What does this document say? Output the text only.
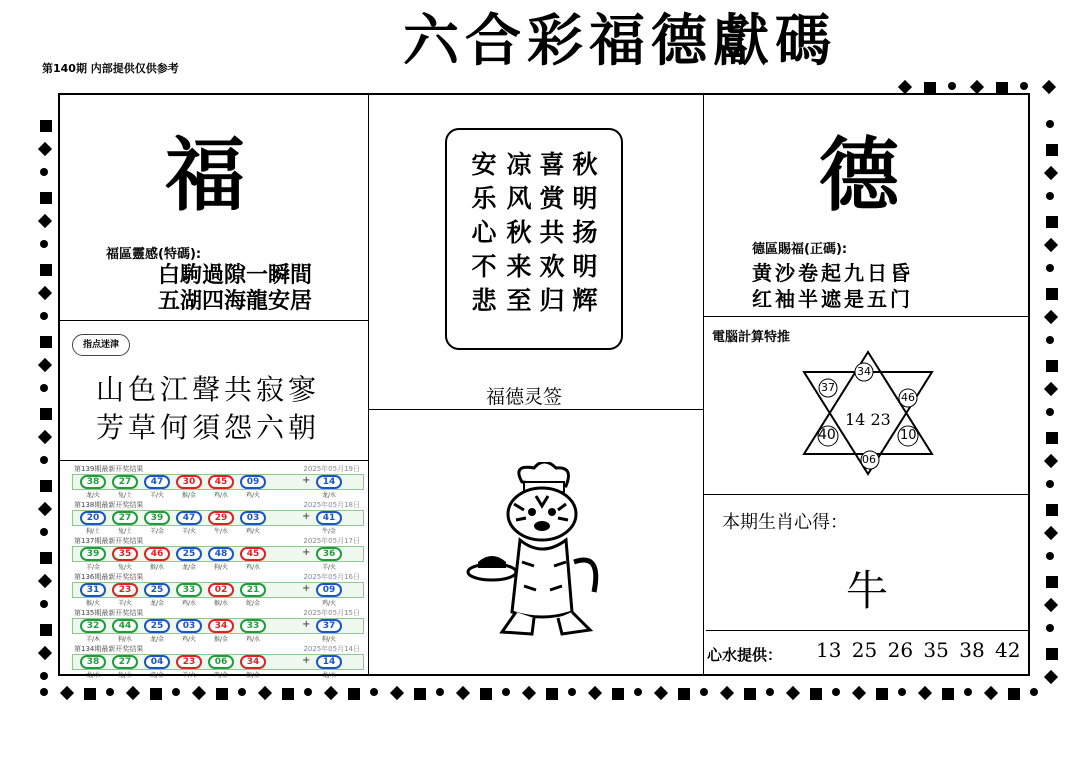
六合彩福德獻碼
第140期 内部提供仅供参考
福
福區靈感(特碼):
白駒過隙一瞬間
五湖四海龍安居
秋
明
扬
明
辉
喜
赏
共
欢
归
凉
风
秋
来
至
安
乐
心
不
悲
福德灵签
德
德區賜福(正碼):
黄沙卷起九日昏
红袖半遮是五门
指点迷津
山色江聲共寂寥
芳草何須怨六朝
電腦計算特推
34
37
46
40	10
06
14 23
本期生肖心得：
牛
心水提供： 13 25 26 35 38 42
第139期最新开奖结果	2025年05月19日
38
龙/火
27
兔/土
47
羊/火
30
猴/金
45
鸡/水
09
鸡/火
14
龙/水
+
第138期最新开奖结果	2025年05月18日
20
狗/土
27
兔/土
39
羊/金
47
羊/火
29
牛/水
03
鸡/火
41
牛/金
+
第137期最新开奖结果	2025年05月17日
39
羊/金
35
兔/火
46
猴/水
25
龙/金
48
狗/火
45
鸡/水
36
羊/火
+
第136期最新开奖结果	2025年05月16日
31
猴/火
23
羊/火
25
龙/金
33
鸡/水
02
猴/水
21
蛇/金
09
鸡/火
+
第135期最新开奖结果	2025年05月15日
32
羊/木
44
狗/水
25
龙/金
03
鸡/火
34
猴/金
33
鸡/水
37
狗/火
+
第134期最新开奖结果	2025年05月14日
38
龙/水
27
兔/土
04
虎/金
23
羊/火
06
鸡/金
34
猴/金
14
龙/水
+
